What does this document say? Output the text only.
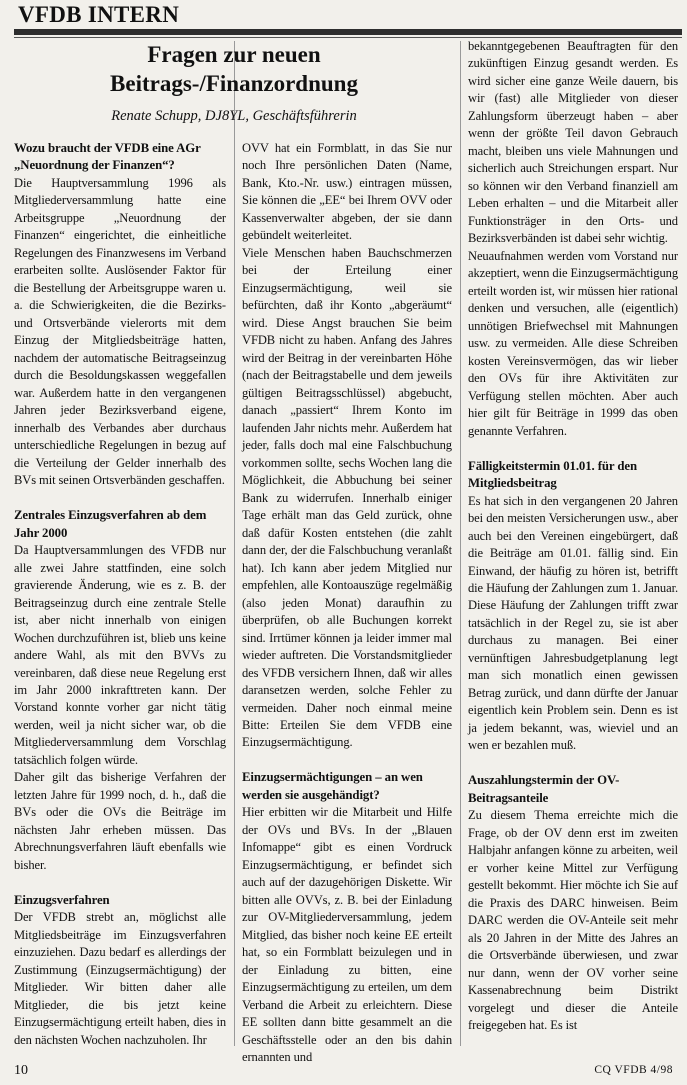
VFDB INTERN
Fragen zur neuen
Beitrags-/Finanzordnung
Renate Schupp, DJ8YL, Geschäftsführerin
Wozu braucht der VFDB eine AGr „Neuordnung der Finanzen“?

Die Hauptversammlung 1996 als Mitgliederversammlung hatte eine Arbeitsgruppe „Neuordnung der Finanzen“ eingerichtet, die einheitliche Regelungen des Finanzwesens im Verband erarbeiten sollte. Auslösender Faktor für die Bestellung der Arbeitsgruppe waren u. a. die Schwierigkeiten, die die Bezirks- und Ortsverbände vielerorts mit dem Einzug der Mitgliedsbeiträge hatten, nachdem der automatische Beitragseinzug durch die Besoldungskassen weggefallen war. Außerdem hatte in den vergangenen Jahren jeder Bezirksverband eigene, innerhalb des Verbandes aber durchaus unterschiedliche Regelungen in bezug auf die Verteilung der Gelder innerhalb des BVs mit seinen Ortsverbänden geschaffen.

Zentrales Einzugsverfahren ab dem Jahr 2000

Da Hauptversammlungen des VFDB nur alle zwei Jahre stattfinden, eine solch gravierende Änderung, wie es z. B. der Beitragseinzug durch eine zentrale Stelle ist, aber nicht innerhalb von einigen Wochen durchzuführen ist, blieb uns keine andere Wahl, als mit den BVVs zu vereinbaren, daß diese neue Regelung erst im Jahr 2000 inkrafttreten kann. Der Vorstand konnte vorher gar nicht tätig werden, weil ja nicht sicher war, ob die Mitgliederversammlung dem Vorschlag tatsächlich folgen würde.

Daher gilt das bisherige Verfahren der letzten Jahre für 1999 noch, d. h., daß die BVs oder die OVs die Beiträge im nächsten Jahr erheben müssen. Das Abrechnungsverfahren läuft ebenfalls wie bisher.

Einzugsverfahren

Der VFDB strebt an, möglichst alle Mitgliedsbeiträge im Einzugsverfahren einzuziehen. Dazu bedarf es allerdings der Zustimmung (Einzugsermächtigung) der Mitglieder. Wir bitten daher alle Mitglieder, die bis jetzt keine Einzugsermächtigung erteilt haben, dies in den nächsten Wochen nachzuholen. Ihr

OVV hat ein Formblatt, in das Sie nur noch Ihre persönlichen Daten (Name, Bank, Kto.-Nr. usw.) eintragen müssen, Sie können die „EE“ bei Ihrem OVV oder Kassenverwalter abgeben, der sie dann gebündelt weiterleitet.

Viele Menschen haben Bauchschmerzen bei der Erteilung einer Einzugsermächtigung, weil sie befürchten, daß ihr Konto „abgeräumt“ wird. Diese Angst brauchen Sie beim VFDB nicht zu haben. Anfang des Jahres wird der Beitrag in der vereinbarten Höhe (nach der Beitragstabelle und dem jeweils gültigen Beitragsschlüssel) abgebucht, danach „passiert“ Ihrem Konto im laufenden Jahr nichts mehr. Außerdem hat jeder, falls doch mal eine Falschbuchung vorkommen sollte, sechs Wochen lang die Möglichkeit, die Abbuchung bei seiner Bank zu widerrufen. Innerhalb einiger Tage erhält man das Geld zurück, ohne daß dafür Kosten entstehen (die zahlt dann der, der die Falschbuchung veranlaßt hat). Ich kann aber jedem Mitglied nur empfehlen, alle Kontoauszüge regelmäßig (also jeden Monat) daraufhin zu überprüfen, ob alle Buchungen korrekt sind. Irrtümer können ja leider immer mal wieder auftreten. Die Vorstandsmitglieder des VFDB versichern Ihnen, daß wir alles daransetzen werden, solche Fehler zu vermeiden. Daher noch einmal meine Bitte: Erteilen Sie dem VFDB eine Einzugsermächtigung.

Einzugsermächtigungen – an wen werden sie ausgehändigt?

Hier erbitten wir die Mitarbeit und Hilfe der OVs und BVs. In der „Blauen Infomappe“ gibt es einen Vordruck Einzugsermächtigung, er befindet sich auch auf der dazugehörigen Diskette. Wir bitten alle OVVs, z. B. bei der Einladung zur OV-Mitgliederversammlung, jedem Mitglied, das bisher noch keine EE erteilt hat, so ein Formblatt beizulegen und in der Einladung zu bitten, eine Einzugsermächtigung zu erteilen, um dem Verband die Arbeit zu erleichtern. Diese EE sollten dann bitte gesammelt an die Geschäftsstelle oder an den bis dahin ernannten und

bekanntgegebenen Beauftragten für den zukünftigen Einzug gesandt werden. Es wird sicher eine ganze Weile dauern, bis wir (fast) alle Mitglieder von dieser Zahlungsform überzeugt haben – aber wenn der größte Teil davon Gebrauch macht, bleiben uns viele Mahnungen und sicherlich auch Streichungen erspart. Nur so können wir den Verband finanziell am Leben erhalten – und die Mitarbeit aller Funktionsträger in den Orts- und Bezirksverbänden ist dabei sehr wichtig.

Neuaufnahmen werden vom Vorstand nur akzeptiert, wenn die Einzugsermächtigung erteilt worden ist, wir müssen hier rational denken und versuchen, alle (eigentlich) unnötigen Briefwechsel mit Mahnungen usw. zu vermeiden. Alle diese Schreiben kosten Vereinsvermögen, das wir lieber den OVs für ihre Aktivitäten zur Verfügung stellen möchten. Aber auch hier gilt für Beiträge in 1999 das oben genannte Verfahren.

Fälligkeitstermin 01.01. für den Mitgliedsbeitrag

Es hat sich in den vergangenen 20 Jahren bei den meisten Versicherungen usw., aber auch bei den Vereinen eingebürgert, daß die Beiträge am 01.01. fällig sind. Ein Einwand, der häufig zu hören ist, betrifft die Häufung der Zahlungen zum 1. Januar. Diese Häufung der Zahlungen trifft zwar tatsächlich in der Regel zu, sie ist aber durchaus zu managen. Bei einer vernünftigen Jahresbudgetplanung legt man sich monatlich einen gewissen Betrag zurück, und dann dürfte der Januar eigentlich kein Problem sein. Denn es ist ja jedem bekannt, was, wieviel und an wen er bezahlen muß.

Auszahlungstermin der OV-Beitragsanteile

Zu diesem Thema erreichte mich die Frage, ob der OV denn erst im zweiten Halbjahr anfangen könne zu arbeiten, weil er vorher keine Mittel zur Verfügung gestellt bekommt. Hier möchte ich Sie auf die Praxis des DARC hinweisen. Beim DARC werden die OV-Anteile seit mehr als 20 Jahren in der Mitte des Jahres an die Ortsverbände überwiesen, und zwar nur dann, wenn der OV vorher seine Kassenabrechnung beim Distrikt vorgelegt und dieser die Anteile freigegeben hat. Es ist

10	CQ VFDB 4/98
